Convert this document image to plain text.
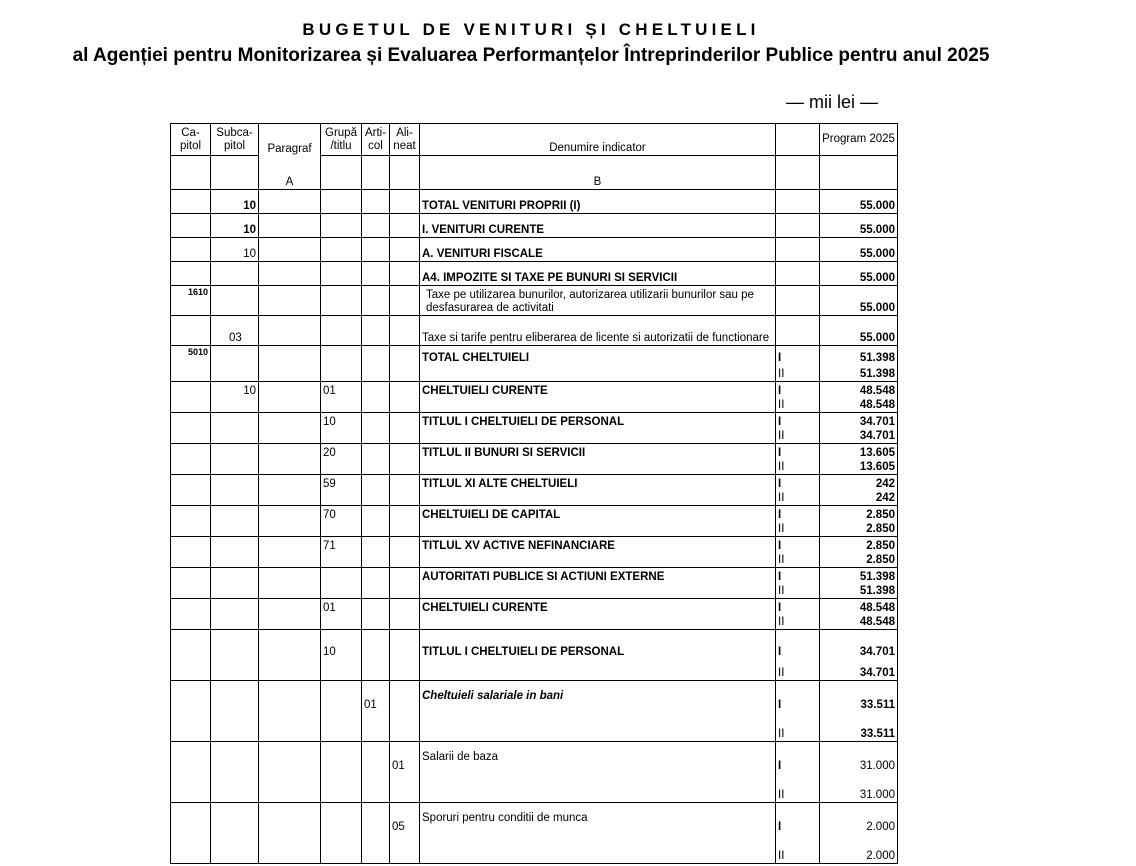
BUGETUL DE VENITURI ȘI CHELTUIELI
al Agenției pentru Monitorizarea și Evaluarea Performanțelor Întreprinderilor Publice pentru anul 2025
— mii lei —
Ca-pitol	Subca-pitol	Paragraf	Grupă /titlu	Arti-col	Ali-neat	Denumire indicator		Program 2025
		A				B		
	10					TOTAL VENITURI PROPRII (I)		55.000
	10					I. VENITURI CURENTE		55.000
	10					A. VENITURI FISCALE		55.000
						A4. IMPOZITE SI TAXE PE BUNURI SI SERVICII		55.000
1610						Taxe pe utilizarea bunurilor, autorizarea utilizarii bunurilor sau pe desfasurarea de activitati		55.000
	03					Taxe si tarife pentru eliberarea de licente si autorizatii de functionare		55.000
5010						TOTAL CHELTUIELI	I	51.398
							II	51.398
	10		01			CHELTUIELI CURENTE	I	48.548
							II	48.548
			10			TITLUL I CHELTUIELI DE PERSONAL	I	34.701
							II	34.701
			20			TITLUL II BUNURI SI SERVICII	I	13.605
							II	13.605
			59			TITLUL XI ALTE CHELTUIELI	I	242
							II	242
			70			CHELTUIELI DE CAPITAL	I	2.850
							II	2.850
			71			TITLUL XV ACTIVE NEFINANCIARE	I	2.850
							II	2.850
						AUTORITATI PUBLICE SI ACTIUNI EXTERNE	I	51.398
							II	51.398
			01			CHELTUIELI CURENTE	I	48.548
							II	48.548
			10			TITLUL I CHELTUIELI DE PERSONAL	I	34.701
							II	34.701
				01		Cheltuieli salariale in bani	I	33.511
							II	33.511
					01	Salarii de baza	I	31.000
							II	31.000
					05	Sporuri pentru conditii de munca	I	2.000
							II	2.000
